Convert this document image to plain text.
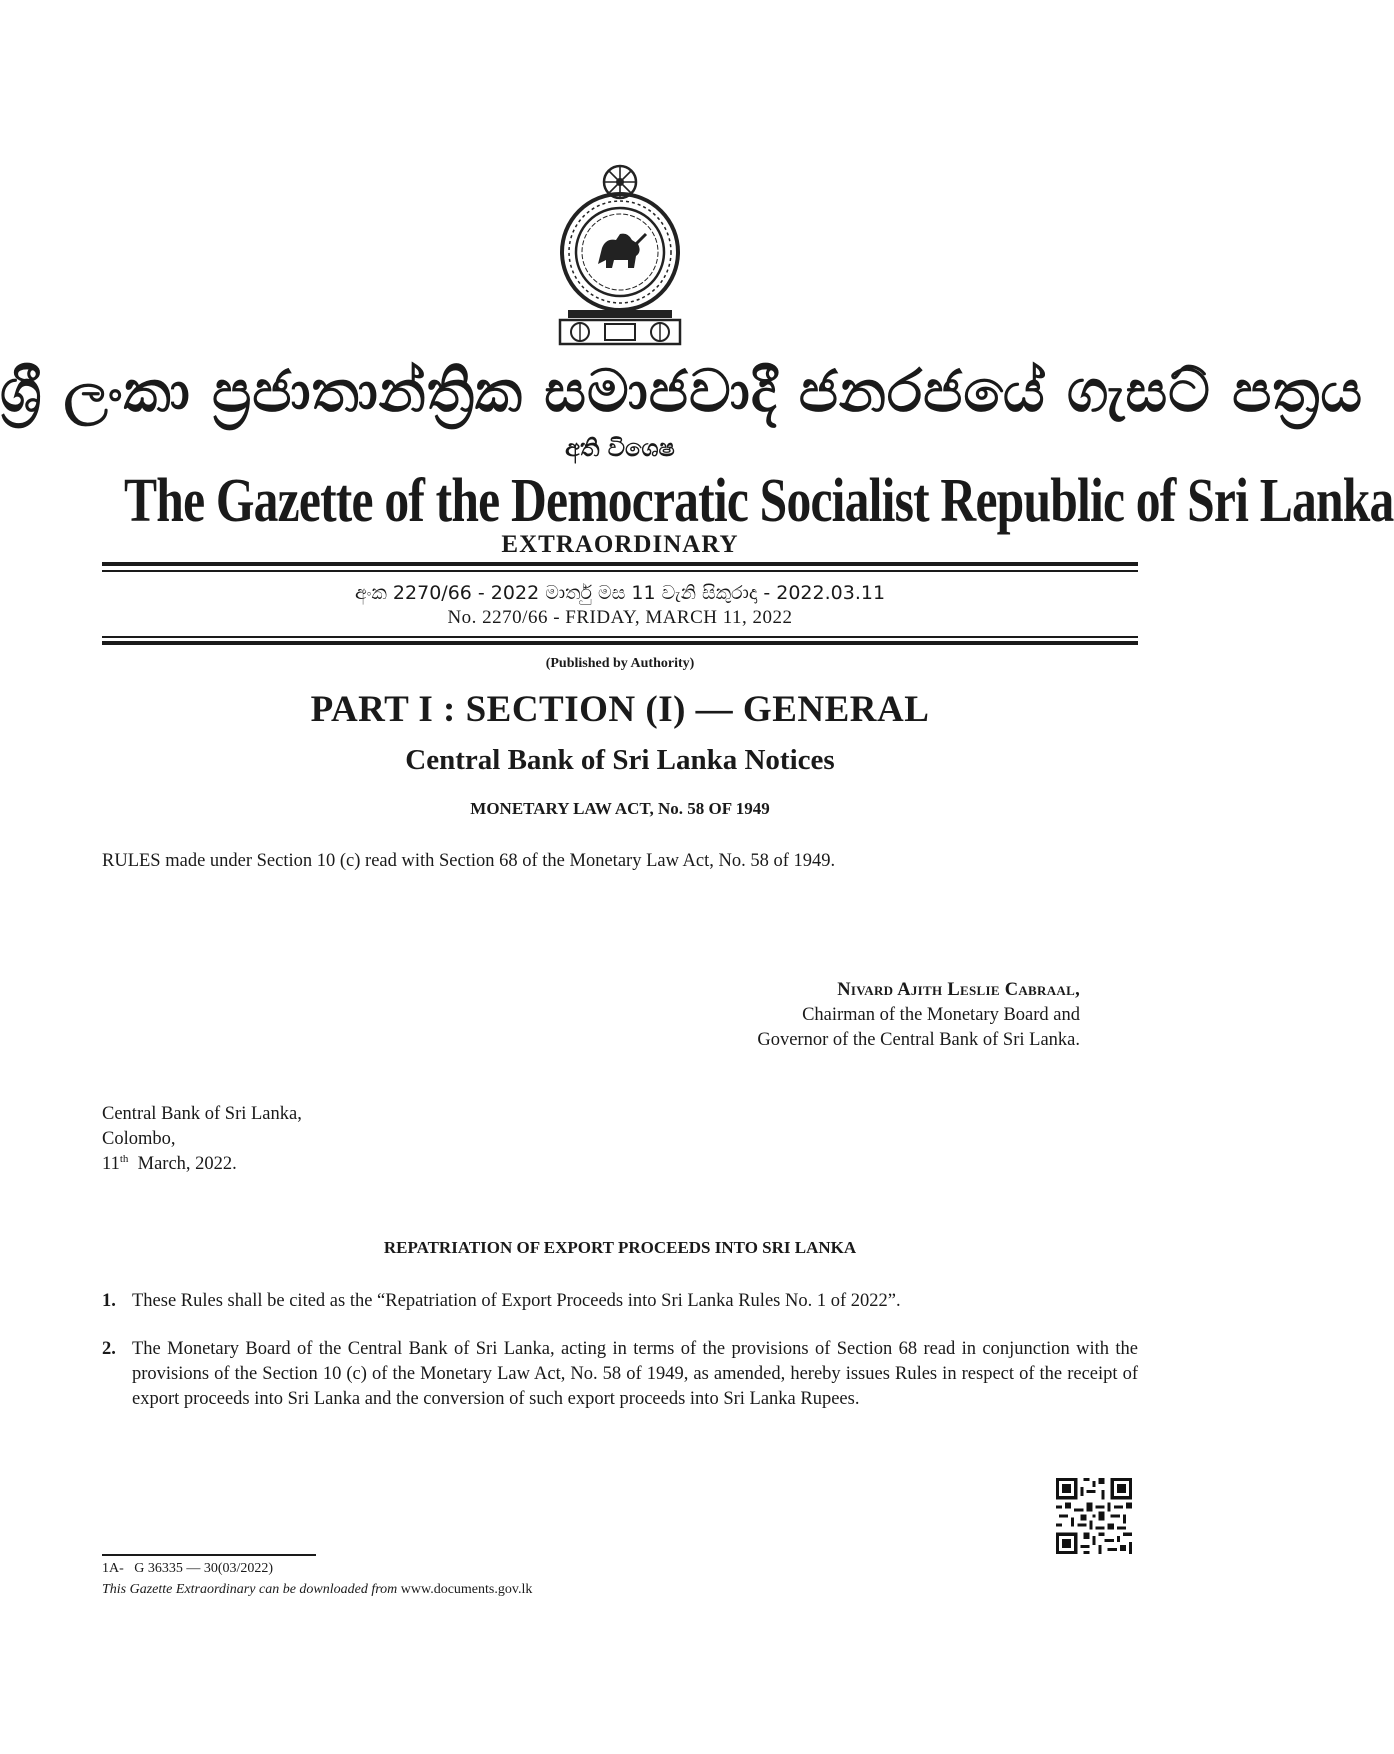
ශ්‍රී ලංකා ප්‍රජාතාන්ත්‍රික සමාජවාදී ජනරජයේ ගැසට් පත්‍රය
අති විශෙෂ
The Gazette of the Democratic Socialist Republic of Sri Lanka
EXTRAORDINARY
අංක 2270/66 - 2022 මාර්තු මස 11 වැනි සිකුරාදා - 2022.03.11
No. 2270/66 - FRIDAY, MARCH 11, 2022
(Published by Authority)
PART I : SECTION (I) — GENERAL
Central Bank of Sri Lanka Notices
MONETARY LAW ACT, No. 58 OF 1949
RULES made under Section 10 (c) read with Section 68 of the Monetary Law Act, No. 58 of 1949.
Nivard Ajith Leslie Cabraal,
Chairman of the Monetary Board and
Governor of the Central Bank of Sri Lanka.
Central Bank of Sri Lanka,
Colombo,
11th  March, 2022.
REPATRIATION OF EXPORT PROCEEDS INTO SRI LANKA
1. These Rules shall be cited as the “Repatriation of Export Proceeds into Sri Lanka Rules No. 1 of 2022”.
2. The Monetary Board of the Central Bank of Sri Lanka, acting in terms of the provisions of Section 68 read in conjunction with the provisions of the Section 10 (c) of the Monetary Law Act, No. 58 of 1949, as amended, hereby issues Rules in respect of the receipt of export proceeds into Sri Lanka and the conversion of such export proceeds into Sri Lanka Rupees.
1A-   G 36335 — 30(03/2022)
This Gazette Extraordinary can be downloaded from www.documents.gov.lk
